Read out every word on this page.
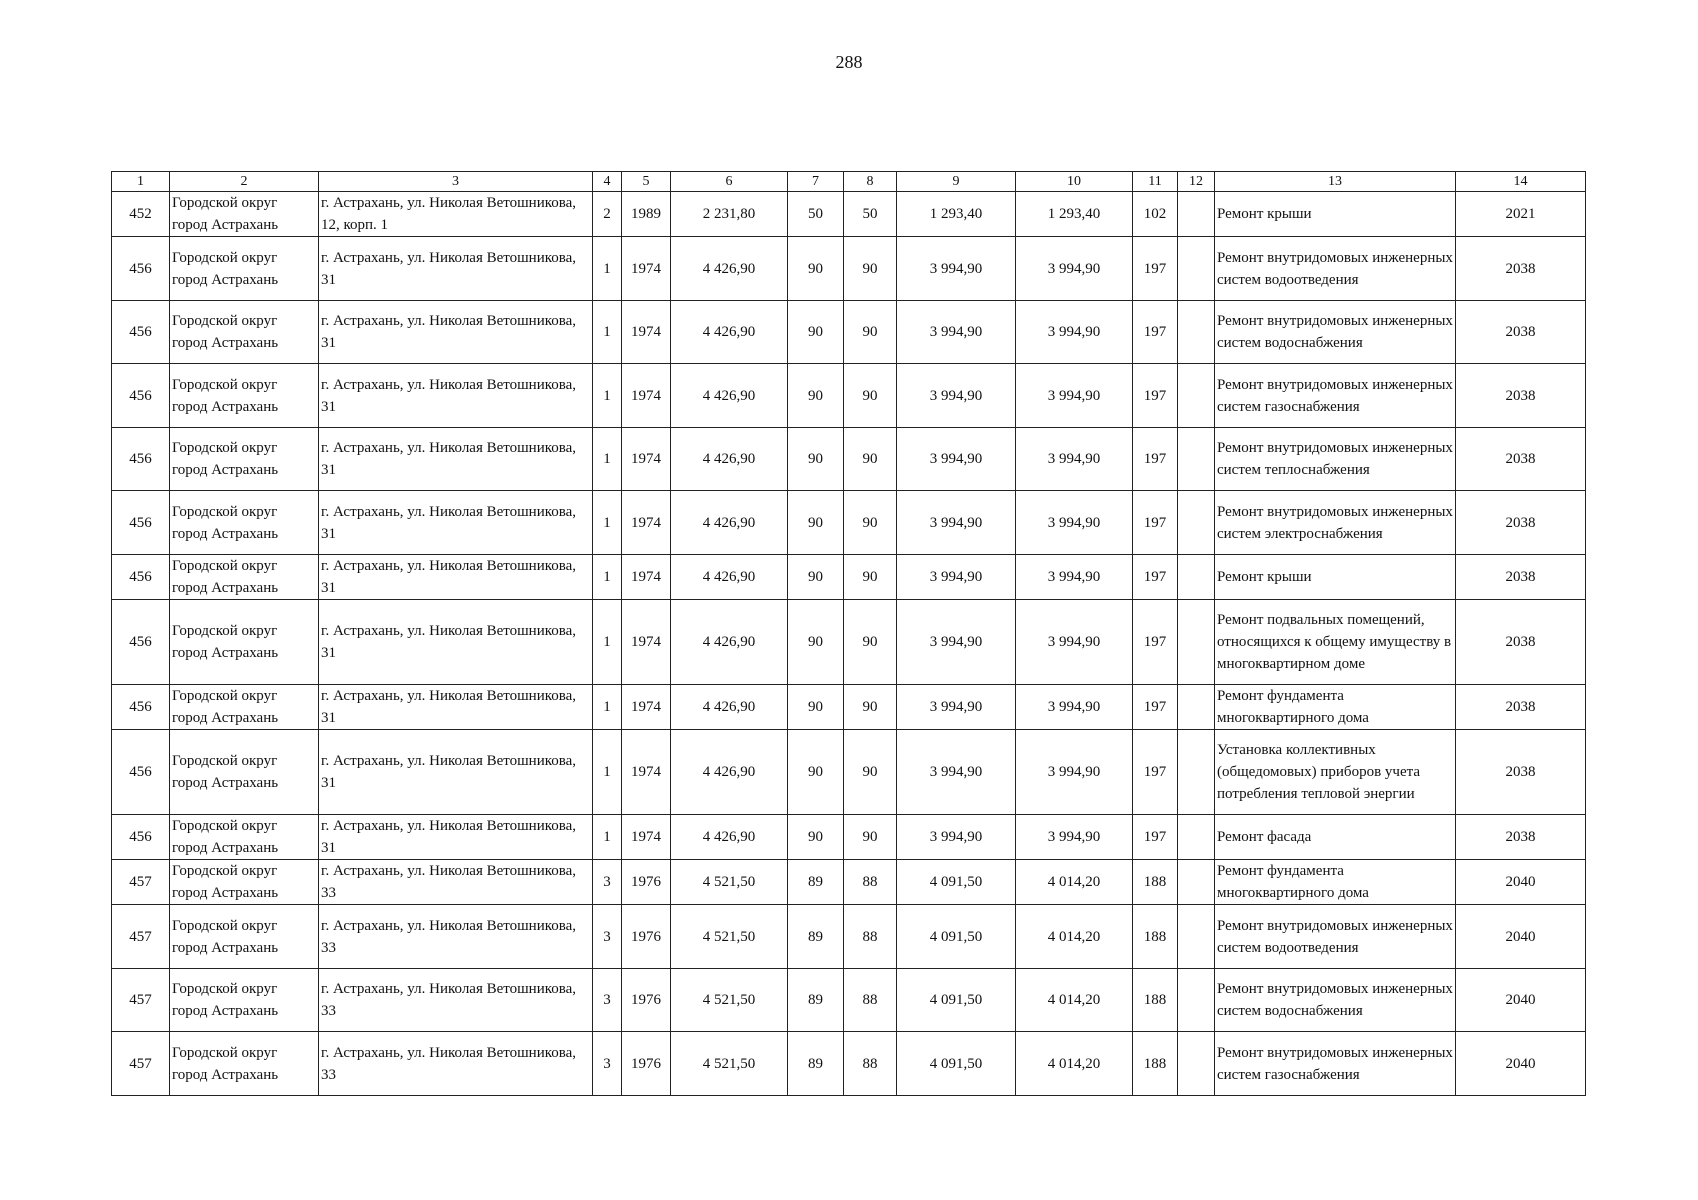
288
1	2	3	4	5	6	7	8	9	10	11	12	13	14
452	Городской округ город Астрахань	г. Астрахань, ул. Николая Ветошникова, 12, корп. 1	2	1989	2 231,80	50	50	1 293,40	1 293,40	102		Ремонт крыши	2021
456	Городской округ город Астрахань	г. Астрахань, ул. Николая Ветошникова, 31	1	1974	4 426,90	90	90	3 994,90	3 994,90	197		Ремонт внутридомовых инженерных систем водоотведения	2038
456	Городской округ город Астрахань	г. Астрахань, ул. Николая Ветошникова, 31	1	1974	4 426,90	90	90	3 994,90	3 994,90	197		Ремонт внутридомовых инженерных систем водоснабжения	2038
456	Городской округ город Астрахань	г. Астрахань, ул. Николая Ветошникова, 31	1	1974	4 426,90	90	90	3 994,90	3 994,90	197		Ремонт внутридомовых инженерных систем газоснабжения	2038
456	Городской округ город Астрахань	г. Астрахань, ул. Николая Ветошникова, 31	1	1974	4 426,90	90	90	3 994,90	3 994,90	197		Ремонт внутридомовых инженерных систем теплоснабжения	2038
456	Городской округ город Астрахань	г. Астрахань, ул. Николая Ветошникова, 31	1	1974	4 426,90	90	90	3 994,90	3 994,90	197		Ремонт внутридомовых инженерных систем электроснабжения	2038
456	Городской округ город Астрахань	г. Астрахань, ул. Николая Ветошникова, 31	1	1974	4 426,90	90	90	3 994,90	3 994,90	197		Ремонт крыши	2038
456	Городской округ город Астрахань	г. Астрахань, ул. Николая Ветошникова, 31	1	1974	4 426,90	90	90	3 994,90	3 994,90	197		Ремонт подвальных помещений, относящихся к общему имуществу в многоквартирном доме	2038
456	Городской округ город Астрахань	г. Астрахань, ул. Николая Ветошникова, 31	1	1974	4 426,90	90	90	3 994,90	3 994,90	197		Ремонт фундамента многоквартирного дома	2038
456	Городской округ город Астрахань	г. Астрахань, ул. Николая Ветошникова, 31	1	1974	4 426,90	90	90	3 994,90	3 994,90	197		Установка коллективных (общедомовых) приборов учета потребления тепловой энергии	2038
456	Городской округ город Астрахань	г. Астрахань, ул. Николая Ветошникова, 31	1	1974	4 426,90	90	90	3 994,90	3 994,90	197		Ремонт фасада	2038
457	Городской округ город Астрахань	г. Астрахань, ул. Николая Ветошникова, 33	3	1976	4 521,50	89	88	4 091,50	4 014,20	188		Ремонт фундамента многоквартирного дома	2040
457	Городской округ город Астрахань	г. Астрахань, ул. Николая Ветошникова, 33	3	1976	4 521,50	89	88	4 091,50	4 014,20	188		Ремонт внутридомовых инженерных систем водоотведения	2040
457	Городской округ город Астрахань	г. Астрахань, ул. Николая Ветошникова, 33	3	1976	4 521,50	89	88	4 091,50	4 014,20	188		Ремонт внутридомовых инженерных систем водоснабжения	2040
457	Городской округ город Астрахань	г. Астрахань, ул. Николая Ветошникова, 33	3	1976	4 521,50	89	88	4 091,50	4 014,20	188		Ремонт внутридомовых инженерных систем газоснабжения	2040
